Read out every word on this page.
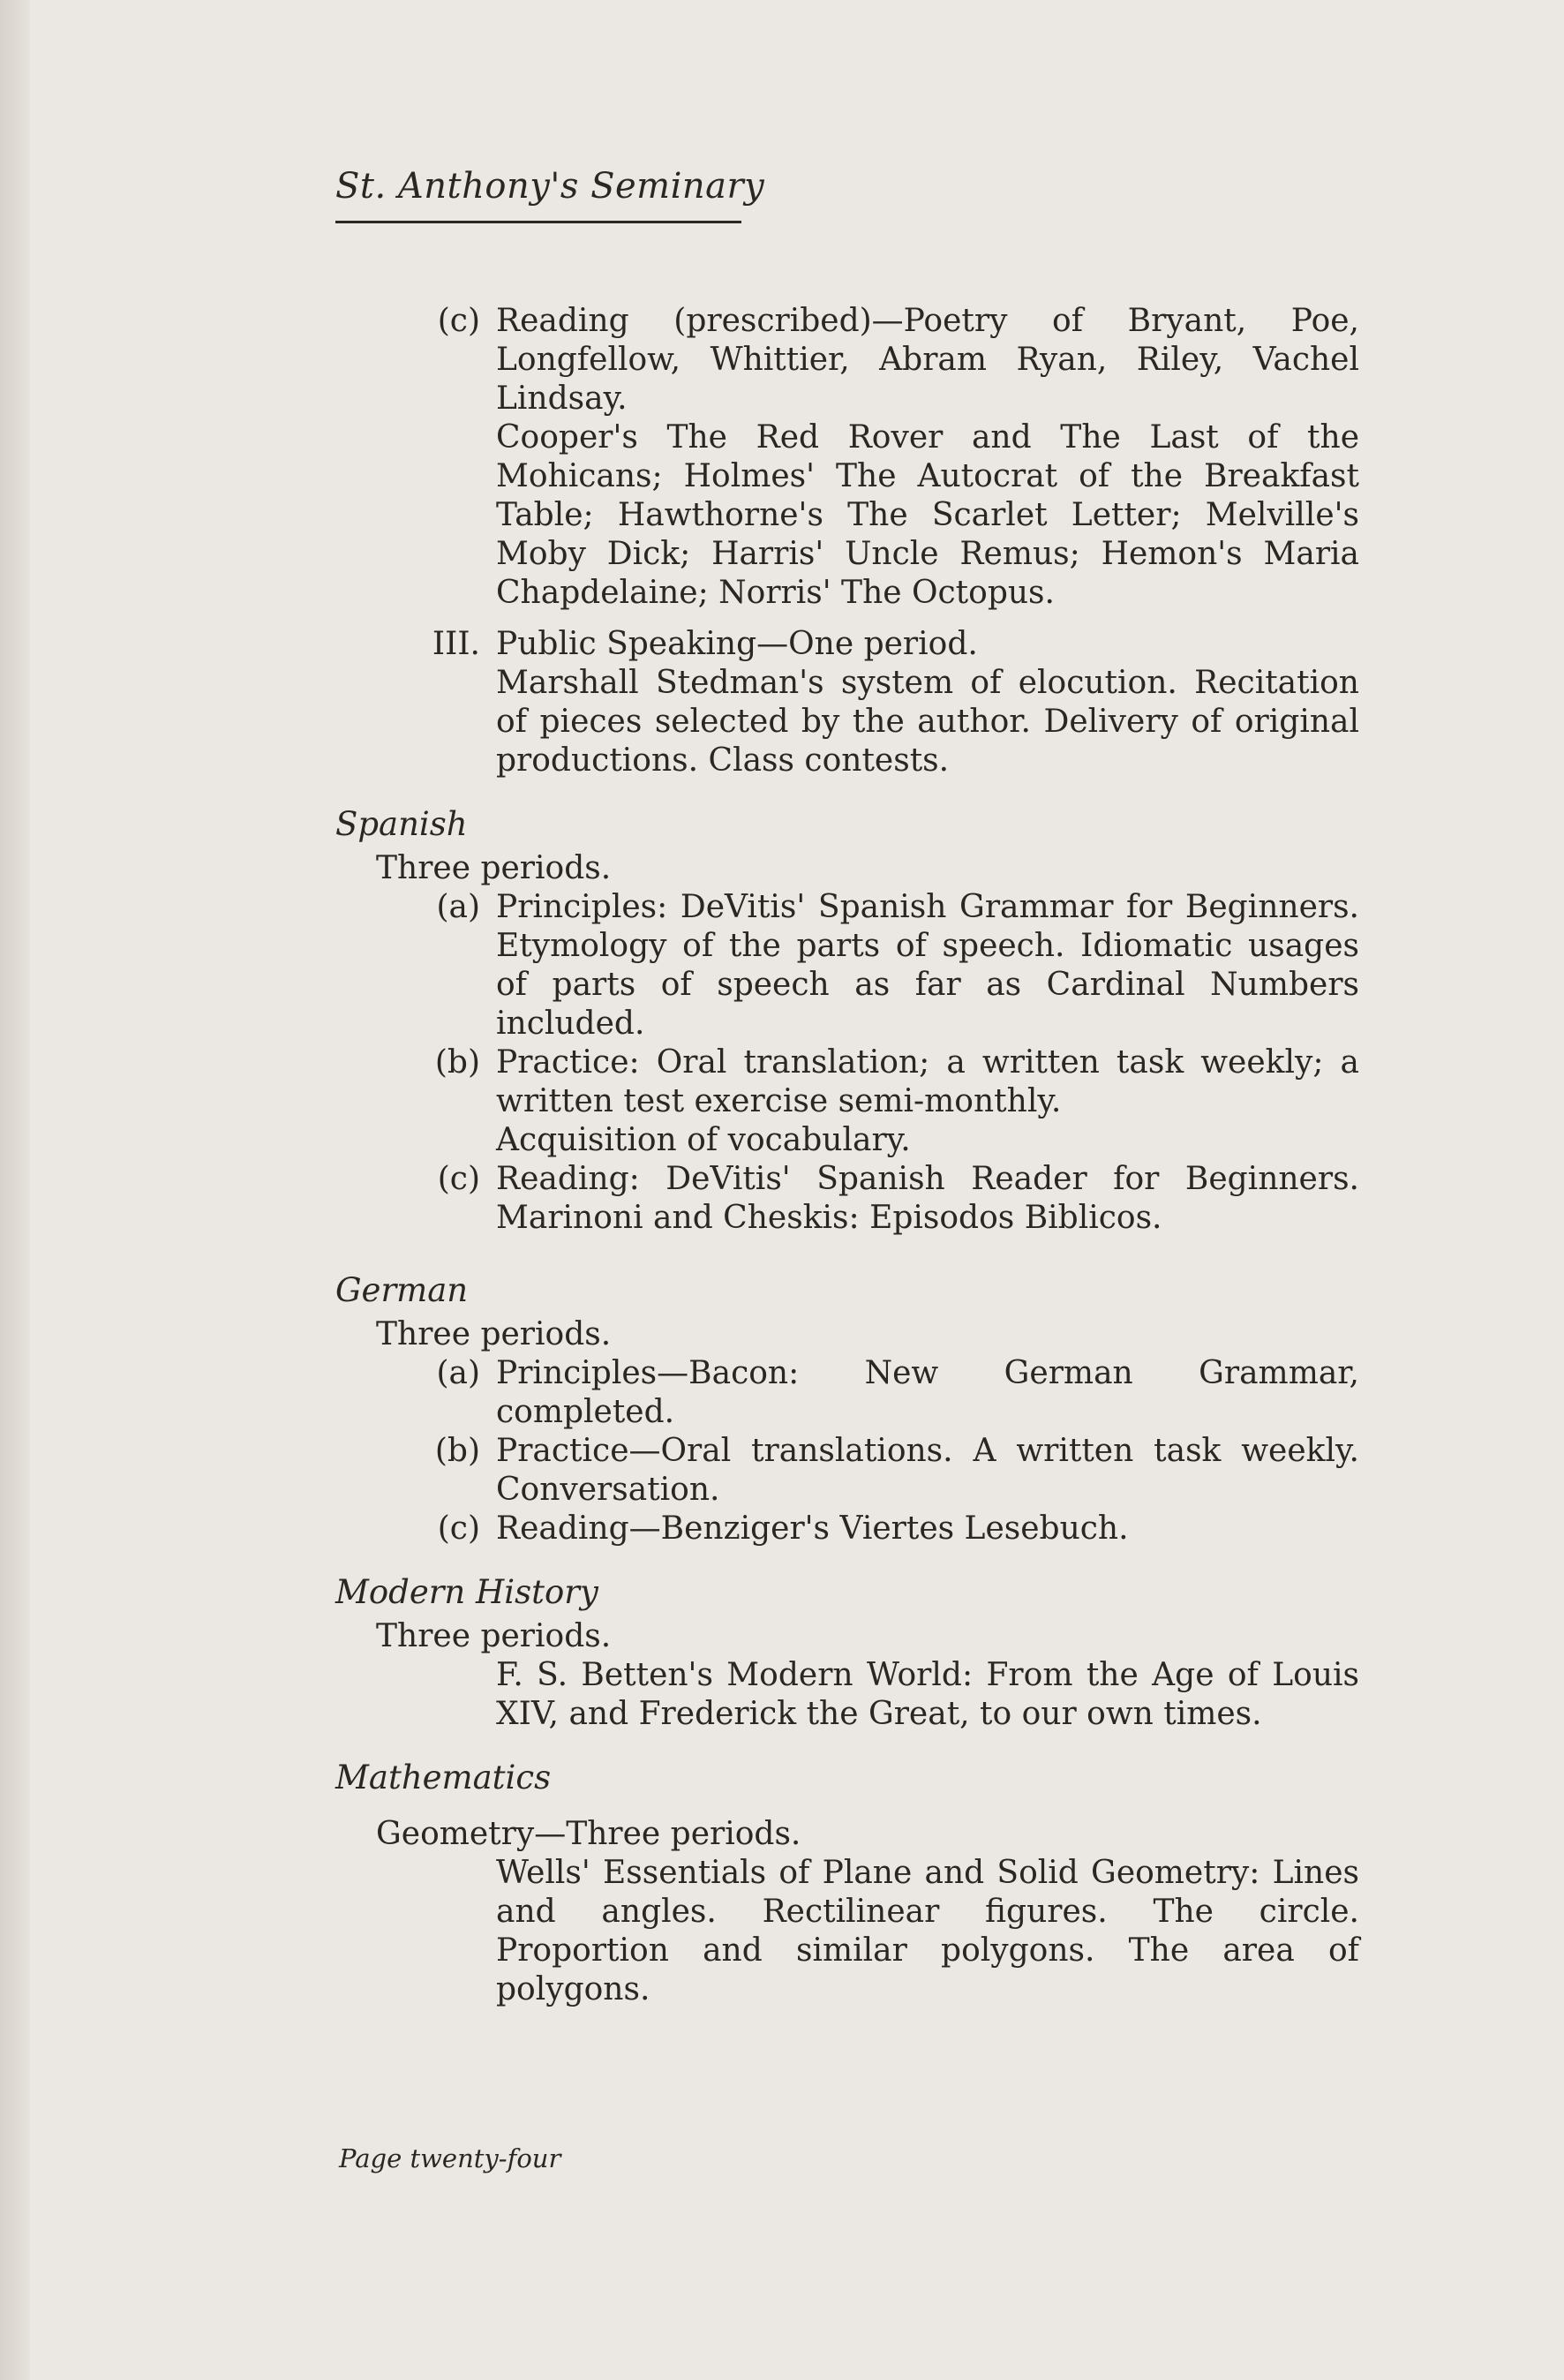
St. Anthony's Seminary
(c) Reading (prescribed)—Poetry of Bryant, Poe, Longfellow, Whittier, Abram Ryan, Riley, Vachel Lindsay.
Cooper's The Red Rover and The Last of the Mohicans; Holmes' The Autocrat of the Breakfast Table; Hawthorne's The Scarlet Letter; Melville's Moby Dick; Harris' Uncle Remus; Hemon's Maria Chapdelaine; Norris' The Octopus.
III. Public Speaking—One period.
Marshall Stedman's system of elocution. Recitation of pieces selected by the author. Delivery of original productions. Class contests.
Spanish
Three periods.
(a) Principles: DeVitis' Spanish Grammar for Beginners. Etymology of the parts of speech. Idiomatic usages of parts of speech as far as Cardinal Numbers included.
(b) Practice: Oral translation; a written task weekly; a written test exercise semi-monthly.
Acquisition of vocabulary.
(c) Reading: DeVitis' Spanish Reader for Beginners. Marinoni and Cheskis: Episodos Biblicos.
German
Three periods.
(a) Principles—Bacon: New German Grammar, completed.
(b) Practice—Oral translations. A written task weekly. Conversation.
(c) Reading—Benziger's Viertes Lesebuch.
Modern History
Three periods.
F. S. Betten's Modern World: From the Age of Louis XIV, and Frederick the Great, to our own times.
Mathematics
Geometry—Three periods.
Wells' Essentials of Plane and Solid Geometry: Lines and angles. Rectilinear figures. The circle. Proportion and similar polygons. The area of polygons.
Page twenty-four
